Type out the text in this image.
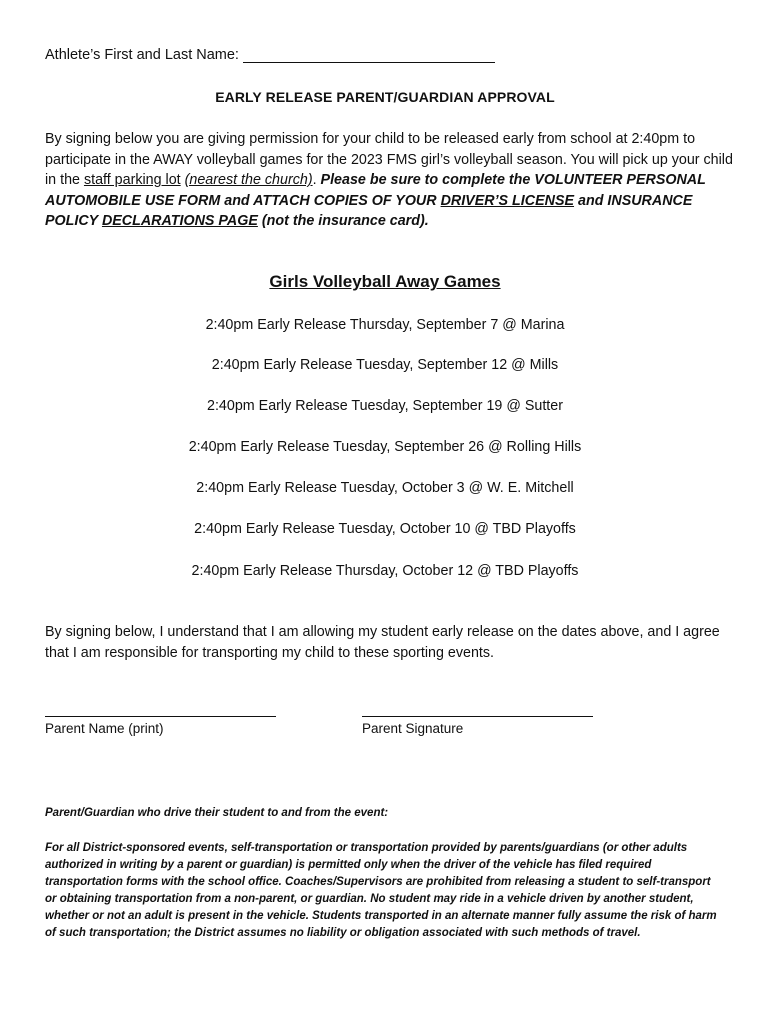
Athlete’s First and Last Name:
EARLY RELEASE PARENT/GUARDIAN APPROVAL
By signing below you are giving permission for your child to be released early from school at 2:40pm to participate in the AWAY volleyball games for the 2023 FMS girl’s volleyball season. You will pick up your child in the staff parking lot (nearest the church). Please be sure to complete the VOLUNTEER PERSONAL AUTOMOBILE USE FORM and ATTACH COPIES OF YOUR DRIVER’S LICENSE and INSURANCE POLICY DECLARATIONS PAGE (not the insurance card).
Girls Volleyball Away Games
2:40pm Early Release Thursday, September 7 @ Marina
2:40pm Early Release Tuesday, September 12 @ Mills
2:40pm Early Release Tuesday, September 19 @ Sutter
2:40pm Early Release Tuesday, September 26 @ Rolling Hills
2:40pm Early Release Tuesday, October 3 @ W. E. Mitchell
2:40pm Early Release Tuesday, October 10 @ TBD Playoffs
2:40pm Early Release Thursday, October 12 @ TBD Playoffs
By signing below, I understand that I am allowing my student early release on the dates above, and I agree that I am responsible for transporting my child to these sporting events.
Parent Name (print)	Parent Signature
Parent/Guardian who drive their student to and from the event:
For all District-sponsored events, self-transportation or transportation provided by parents/guardians (or other adults authorized in writing by a parent or guardian) is permitted only when the driver of the vehicle has filed required transportation forms with the school office. Coaches/Supervisors are prohibited from releasing a student to self-transport or obtaining transportation from a non-parent, or guardian. No student may ride in a vehicle driven by another student, whether or not an adult is present in the vehicle. Students transported in an alternate manner fully assume the risk of harm of such transportation; the District assumes no liability or obligation associated with such methods of travel.
